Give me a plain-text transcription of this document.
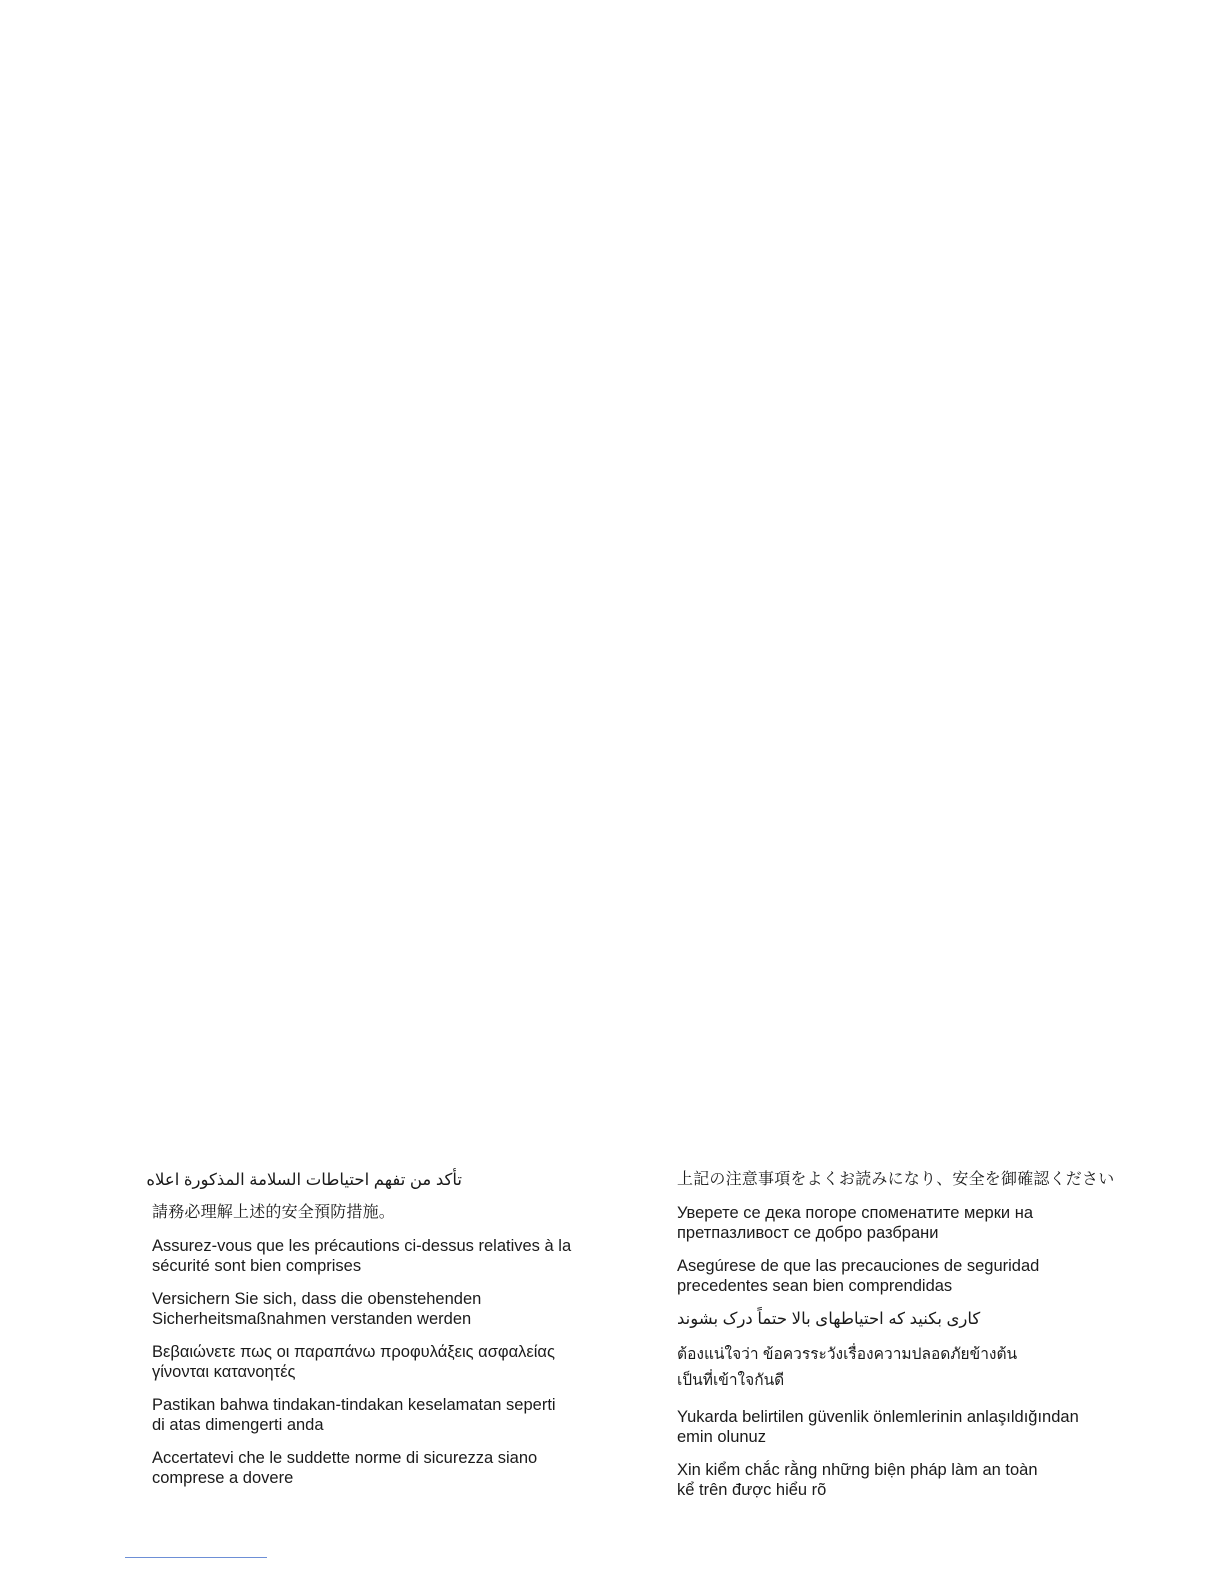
تأكد من تفهم احتياطات السلامة المذكورة اعلاه
請務必理解上述的安全預防措施。
Assurez-vous que les précautions ci-dessus relatives à la
sécurité sont bien comprises
Versichern Sie sich, dass die obenstehenden
Sicherheitsmaßnahmen verstanden werden
Βεβαιώνετε πως οι παραπάνω προφυλάξεις ασφαλείας
γίνονται κατανοητές
Pastikan bahwa tindakan-tindakan keselamatan seperti
di atas dimengerti anda
Accertatevi che le suddette norme di sicurezza siano
comprese a dovere
上記の注意事項をよくお読みになり、安全を御確認ください
Уверете се дека погоре споменатите мерки на
претпазливост се добро разбрани
Asegúrese de que las precauciones de seguridad
precedentes sean bien comprendidas
کاری بکنید که احتیاطهای بالا حتماً درک بشوند
ต้องแน่ใจว่า ข้อควรระวังเรื่องความปลอดภัยข้างต้น
เป็นที่เข้าใจกันดี
Yukarda belirtilen güvenlik önlemlerinin anlaşıldığından
emin olunuz
Xin kiểm chắc rằng những biện pháp làm an toàn
kể trên được hiểu rõ
